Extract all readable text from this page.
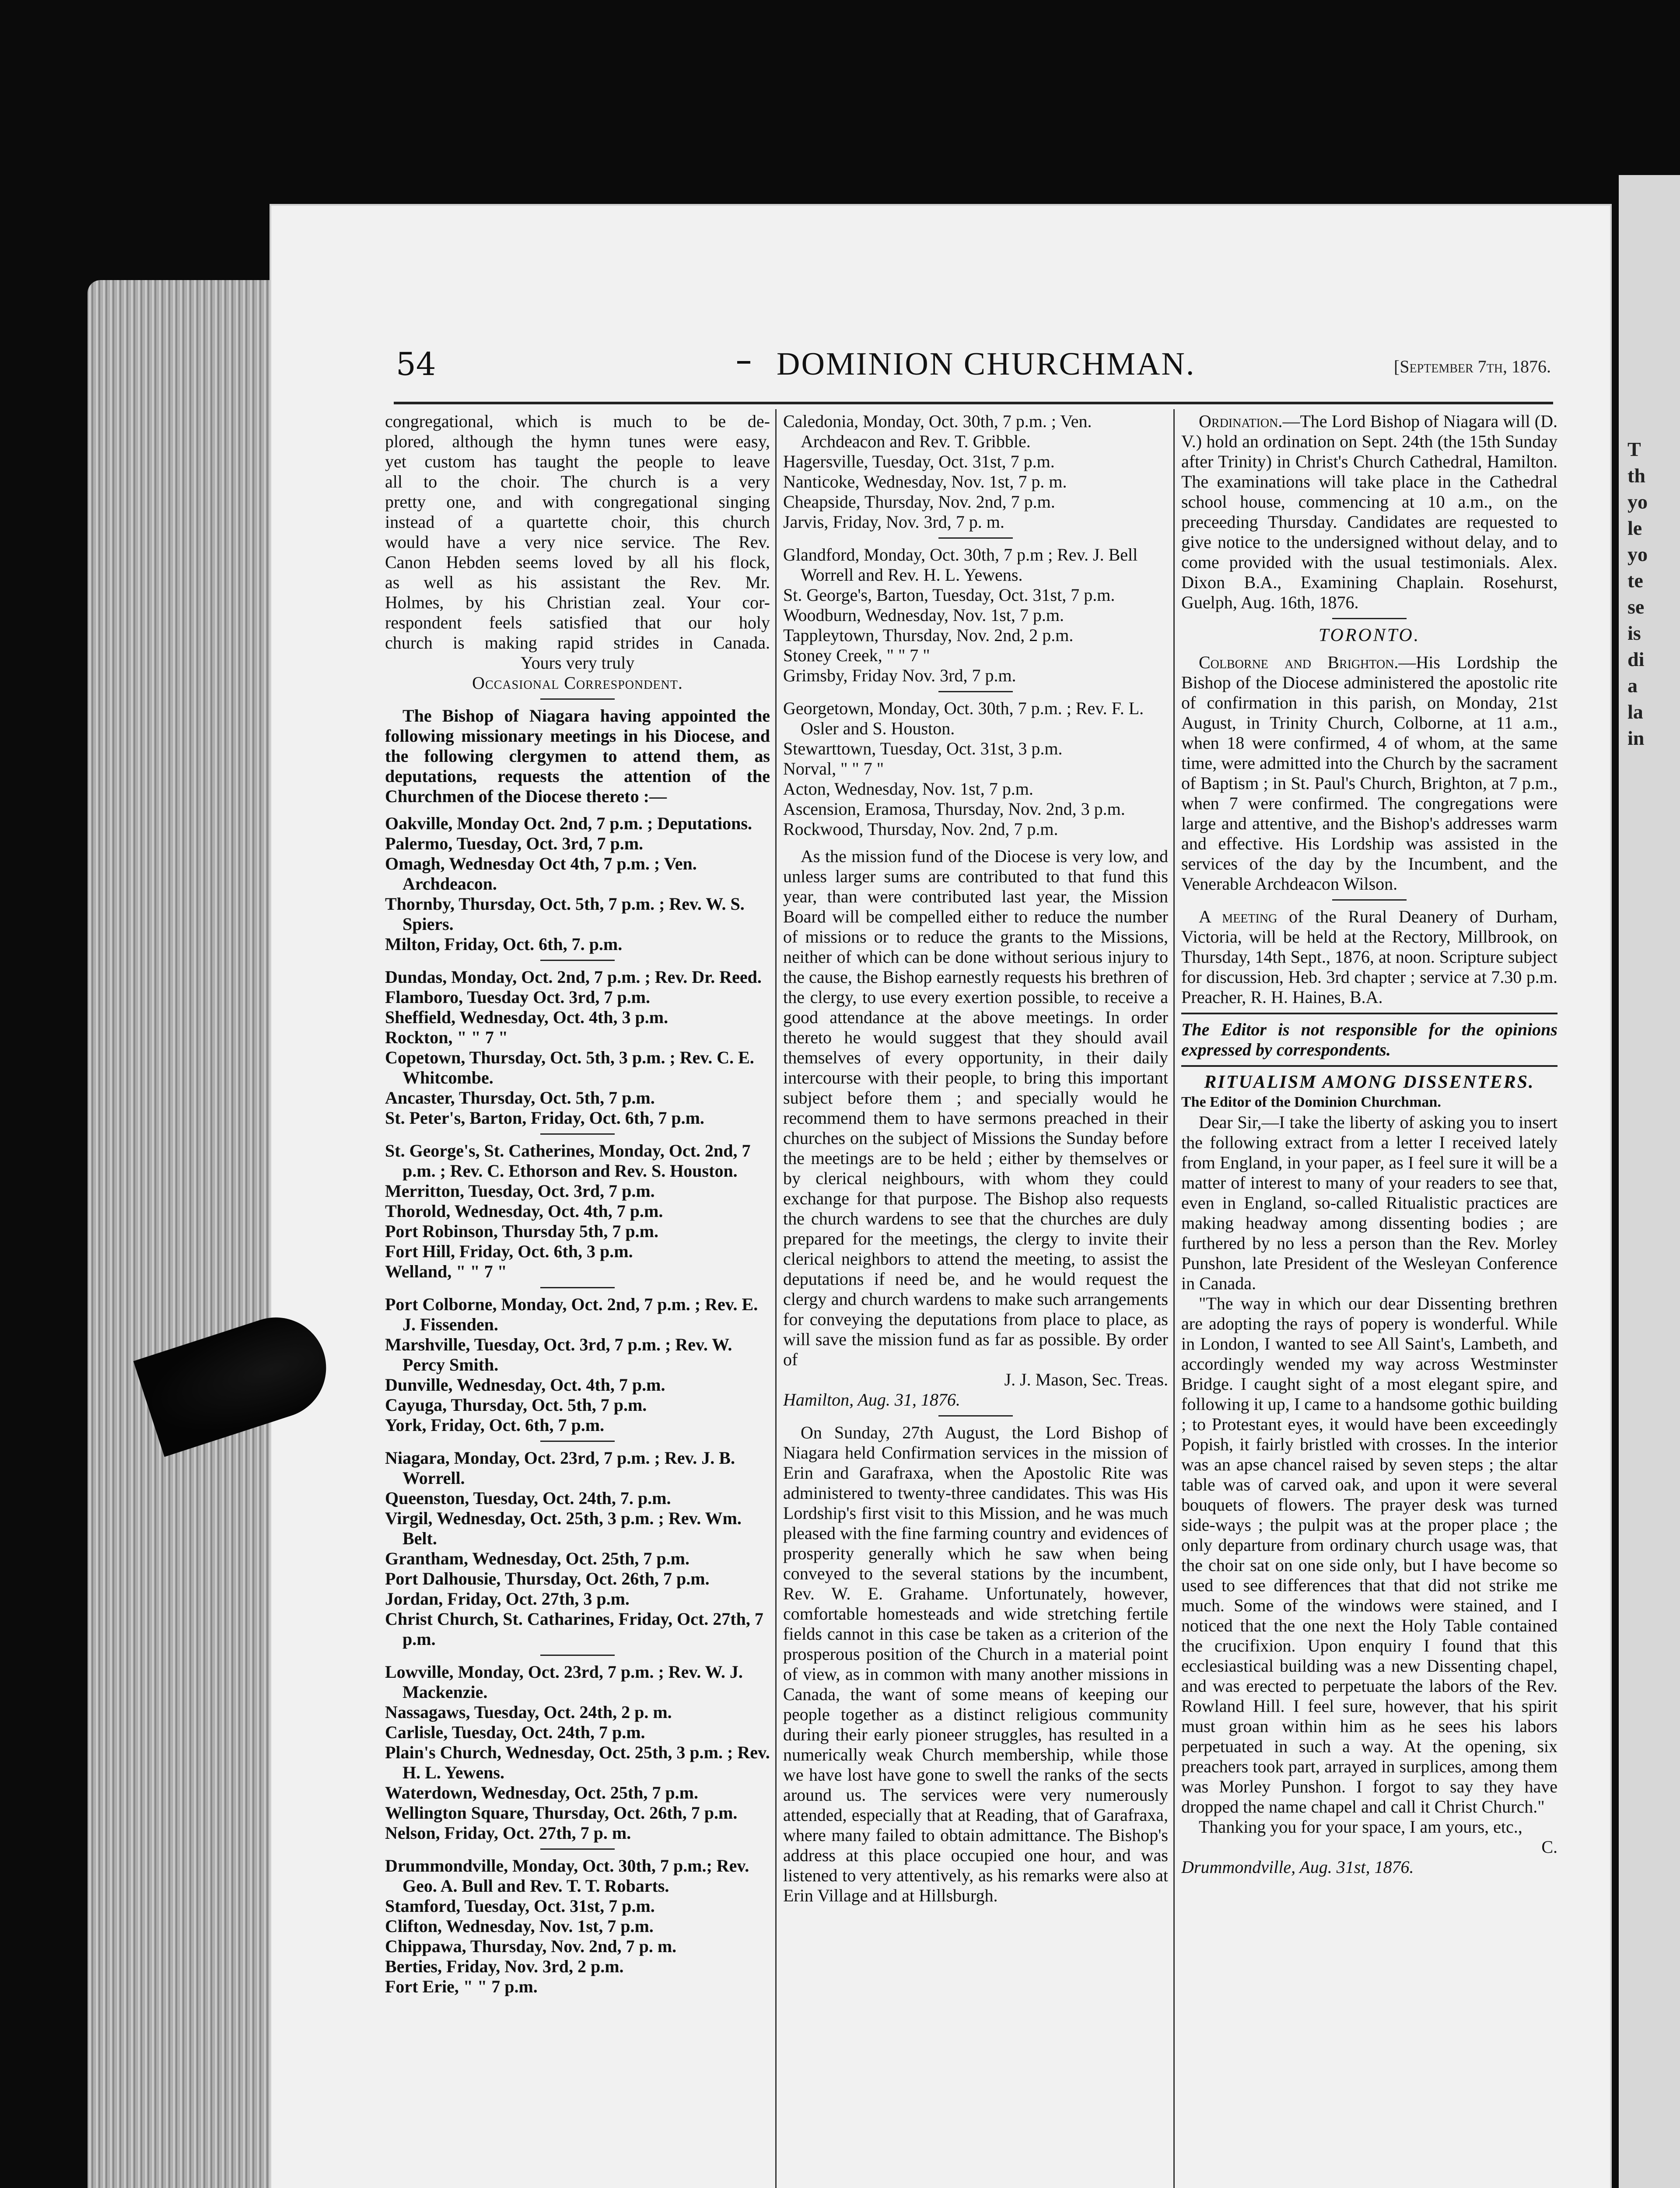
T
th
yo
le
yo
te
se
is
di
a
la
in
54	DOMINION CHURCHMAN.	[September 7th, 1876.

congregational, which is much to be de-

plored, although the hymn tunes were easy,

yet custom has taught the people to leave

all to the choir. The church is a very

pretty one, and with congregational singing

instead of a quartette choir, this church

would have a very nice service. The Rev.

Canon Hebden seems loved by all his flock,

as well as his assistant the Rev. Mr.

Holmes, by his Christian zeal. Your cor-

respondent feels satisfied that our holy

church is making rapid strides in Canada.

Yours very truly

Occasional Correspondent.

The Bishop of Niagara having appointed the following missionary meetings in his Diocese, and the following clergymen to attend them, as deputations, requests the attention of the Churchmen of the Diocese thereto :—

Oakville, Monday Oct. 2nd, 7 p.m. ; Deputations.

Palermo, Tuesday, Oct. 3rd, 7 p.m.

Omagh, Wednesday Oct 4th, 7 p.m. ; Ven. Archdeacon.

Thornby, Thursday, Oct. 5th, 7 p.m. ; Rev. W. S. Spiers.

Milton, Friday, Oct. 6th, 7. p.m.

Dundas, Monday, Oct. 2nd, 7 p.m. ; Rev. Dr. Reed.

Flamboro, Tuesday Oct. 3rd, 7 p.m.

Sheffield, Wednesday, Oct. 4th, 3 p.m.

Rockton, " " 7 "

Copetown, Thursday, Oct. 5th, 3 p.m. ; Rev. C. E. Whitcombe.

Ancaster, Thursday, Oct. 5th, 7 p.m.

St. Peter's, Barton, Friday, Oct. 6th, 7 p.m.

St. George's, St. Catherines, Monday, Oct. 2nd, 7 p.m. ; Rev. C. Ethorson and Rev. S. Houston.

Merritton, Tuesday, Oct. 3rd, 7 p.m.

Thorold, Wednesday, Oct. 4th, 7 p.m.

Port Robinson, Thursday 5th, 7 p.m.

Fort Hill, Friday, Oct. 6th, 3 p.m.

Welland, " " 7 "

Port Colborne, Monday, Oct. 2nd, 7 p.m. ; Rev. E. J. Fissenden.

Marshville, Tuesday, Oct. 3rd, 7 p.m. ; Rev. W. Percy Smith.

Dunville, Wednesday, Oct. 4th, 7 p.m.

Cayuga, Thursday, Oct. 5th, 7 p.m.

York, Friday, Oct. 6th, 7 p.m.

Niagara, Monday, Oct. 23rd, 7 p.m. ; Rev. J. B. Worrell.

Queenston, Tuesday, Oct. 24th, 7. p.m.

Virgil, Wednesday, Oct. 25th, 3 p.m. ; Rev. Wm. Belt.

Grantham, Wednesday, Oct. 25th, 7 p.m.

Port Dalhousie, Thursday, Oct. 26th, 7 p.m.

Jordan, Friday, Oct. 27th, 3 p.m.

Christ Church, St. Catharines, Friday, Oct. 27th, 7 p.m.

Lowville, Monday, Oct. 23rd, 7 p.m. ; Rev. W. J. Mackenzie.

Nassagaws, Tuesday, Oct. 24th, 2 p. m.

Carlisle, Tuesday, Oct. 24th, 7 p.m.

Plain's Church, Wednesday, Oct. 25th, 3 p.m. ; Rev. H. L. Yewens.

Waterdown, Wednesday, Oct. 25th, 7 p.m.

Wellington Square, Thursday, Oct. 26th, 7 p.m.

Nelson, Friday, Oct. 27th, 7 p. m.

Drummondville, Monday, Oct. 30th, 7 p.m.; Rev. Geo. A. Bull and Rev. T. T. Robarts.

Stamford, Tuesday, Oct. 31st, 7 p.m.

Clifton, Wednesday, Nov. 1st, 7 p.m.

Chippawa, Thursday, Nov. 2nd, 7 p. m.

Berties, Friday, Nov. 3rd, 2 p.m.

Fort Erie, " " 7 p.m.

Caledonia, Monday, Oct. 30th, 7 p.m. ; Ven. Archdeacon and Rev. T. Gribble.

Hagersville, Tuesday, Oct. 31st, 7 p.m.

Nanticoke, Wednesday, Nov. 1st, 7 p. m.

Cheapside, Thursday, Nov. 2nd, 7 p.m.

Jarvis, Friday, Nov. 3rd, 7 p. m.

Glandford, Monday, Oct. 30th, 7 p.m ; Rev. J. Bell Worrell and Rev. H. L. Yewens.

St. George's, Barton, Tuesday, Oct. 31st, 7 p.m.

Woodburn, Wednesday, Nov. 1st, 7 p.m.

Tappleytown, Thursday, Nov. 2nd, 2 p.m.

Stoney Creek, " " 7 "

Grimsby, Friday Nov. 3rd, 7 p.m.

Georgetown, Monday, Oct. 30th, 7 p.m. ; Rev. F. L. Osler and S. Houston.

Stewarttown, Tuesday, Oct. 31st, 3 p.m.

Norval, " " 7 "

Acton, Wednesday, Nov. 1st, 7 p.m.

Ascension, Eramosa, Thursday, Nov. 2nd, 3 p.m.

Rockwood, Thursday, Nov. 2nd, 7 p.m.

As the mission fund of the Diocese is very low, and unless larger sums are contributed to that fund this year, than were contributed last year, the Mission Board will be compelled either to reduce the number of missions or to reduce the grants to the Missions, neither of which can be done without serious injury to the cause, the Bishop earnestly requests his brethren of the clergy, to use every exertion possible, to receive a good attendance at the above meetings. In order thereto he would suggest that they should avail themselves of every opportunity, in their daily intercourse with their people, to bring this important subject before them ; and specially would he recommend them to have sermons preached in their churches on the subject of Missions the Sunday before the meetings are to be held ; either by themselves or by clerical neighbours, with whom they could exchange for that purpose. The Bishop also requests the church wardens to see that the churches are duly prepared for the meetings, the clergy to invite their clerical neighbors to attend the meeting, to assist the deputations if need be, and he would request the clergy and church wardens to make such arrangements for conveying the deputations from place to place, as will save the mission fund as far as possible. By order of

J. J. Mason, Sec. Treas.

Hamilton, Aug. 31, 1876.

On Sunday, 27th August, the Lord Bishop of Niagara held Confirmation services in the mission of Erin and Garafraxa, when the Apostolic Rite was administered to twenty-three candidates. This was His Lordship's first visit to this Mission, and he was much pleased with the fine farming country and evidences of prosperity generally which he saw when being conveyed to the several stations by the incumbent, Rev. W. E. Grahame. Unfortunately, however, comfortable homesteads and wide stretching fertile fields cannot in this case be taken as a criterion of the prosperous position of the Church in a material point of view, as in common with many another missions in Canada, the want of some means of keeping our people together as a distinct religious community during their early pioneer struggles, has resulted in a numerically weak Church membership, while those we have lost have gone to swell the ranks of the sects around us. The services were very numerously attended, especially that at Reading, that of Garafraxa, where many failed to obtain admittance. The Bishop's address at this place occupied one hour, and was listened to very attentively, as his remarks were also at Erin Village and at Hillsburgh.

Ordination.—The Lord Bishop of Niagara will (D. V.) hold an ordination on Sept. 24th (the 15th Sunday after Trinity) in Christ's Church Cathedral, Hamilton. The examinations will take place in the Cathedral school house, commencing at 10 a.m., on the preceeding Thursday. Candidates are requested to give notice to the undersigned without delay, and to come provided with the usual testimonials. Alex. Dixon B.A., Examining Chaplain. Rosehurst, Guelph, Aug. 16th, 1876.

TORONTO.

Colborne and Brighton.—His Lordship the Bishop of the Diocese administered the apostolic rite of confirmation in this parish, on Monday, 21st August, in Trinity Church, Colborne, at 11 a.m., when 18 were confirmed, 4 of whom, at the same time, were admitted into the Church by the sacrament of Baptism ; in St. Paul's Church, Brighton, at 7 p.m., when 7 were confirmed. The congregations were large and attentive, and the Bishop's addresses warm and effective. His Lordship was assisted in the services of the day by the Incumbent, and the Venerable Archdeacon Wilson.

A meeting of the Rural Deanery of Durham, Victoria, will be held at the Rectory, Millbrook, on Thursday, 14th Sept., 1876, at noon. Scripture subject for discussion, Heb. 3rd chapter ; service at 7.30 p.m. Preacher, R. H. Haines, B.A.

The Editor is not responsible for the opinions expressed by correspondents.

RITUALISM AMONG DISSENTERS.

The Editor of the Dominion Churchman.

Dear Sir,—I take the liberty of asking you to insert the following extract from a letter I received lately from England, in your paper, as I feel sure it will be a matter of interest to many of your readers to see that, even in England, so-called Ritualistic practices are making headway among dissenting bodies ; are furthered by no less a person than the Rev. Morley Punshon, late President of the Wesleyan Conference in Canada.

"The way in which our dear Dissenting brethren are adopting the rays of popery is wonderful. While in London, I wanted to see All Saint's, Lambeth, and accordingly wended my way across Westminster Bridge. I caught sight of a most elegant spire, and following it up, I came to a handsome gothic building ; to Protestant eyes, it would have been exceedingly Popish, it fairly bristled with crosses. In the interior was an apse chancel raised by seven steps ; the altar table was of carved oak, and upon it were several bouquets of flowers. The prayer desk was turned side-ways ; the pulpit was at the proper place ; the only departure from ordinary church usage was, that the choir sat on one side only, but I have become so used to see differences that that did not strike me much. Some of the windows were stained, and I noticed that the one next the Holy Table contained the crucifixion. Upon enquiry I found that this ecclesiastical building was a new Dissenting chapel, and was erected to perpetuate the labors of the Rev. Rowland Hill. I feel sure, however, that his spirit must groan within him as he sees his labors perpetuated in such a way. At the opening, six preachers took part, arrayed in surplices, among them was Morley Punshon. I forgot to say they have dropped the name chapel and call it Christ Church."

Thanking you for your space, I am yours, etc.,

C.

Drummondville, Aug. 31st, 1876.
